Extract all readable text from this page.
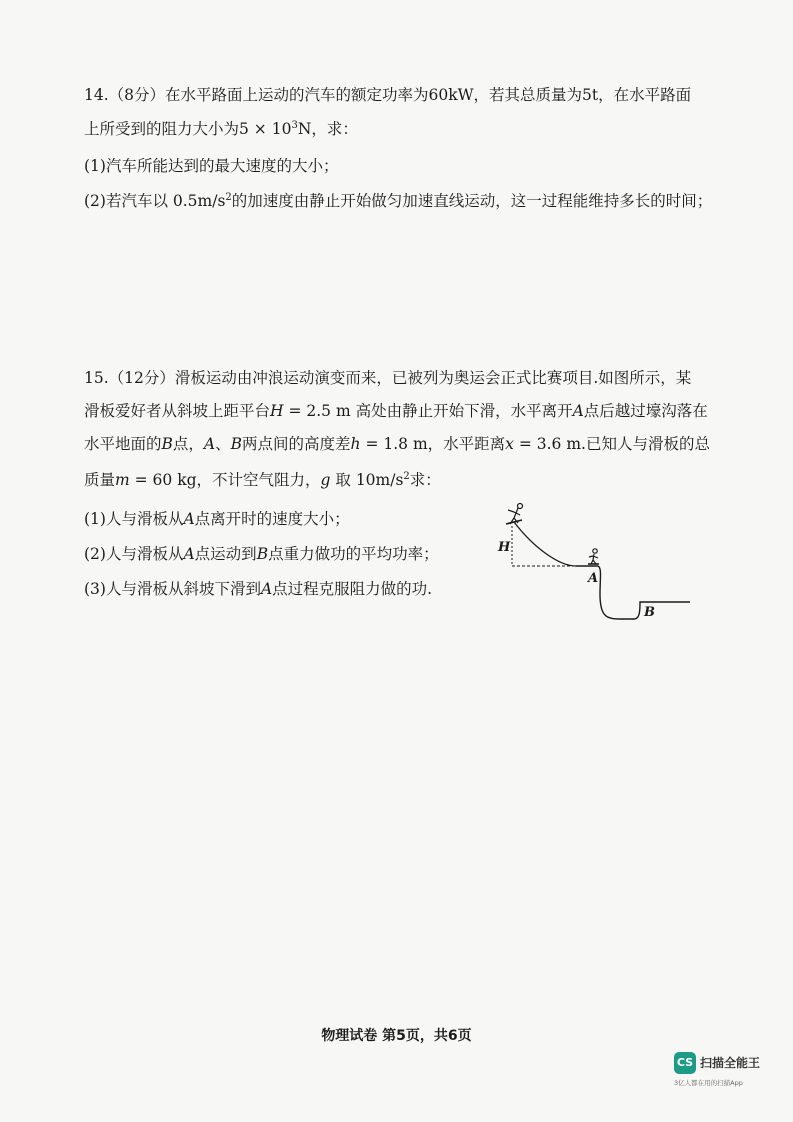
14.（8分）在水平路面上运动的汽车的额定功率为60kW，若其总质量为5t，在水平路面
上所受到的阻力大小为$5 \times 10^3N$，求：
(1)汽车所能达到的最大速度的大小；
(2)若汽车以 $0.5m/s^2$的加速度由静止开始做匀加速直线运动，这一过程能维持多长的时间；
15.（12分）滑板运动由冲浪运动演变而来，已被列为奥运会正式比赛项目.如图所示，某
滑板爱好者从斜坡上距平台H = 2.5 m 高处由静止开始下滑，水平离开A点后越过壕沟落在
水平地面的B点，A、B两点间的高度差h = 1.8 m，水平距离x = 3.6 m.已知人与滑板的总
质量m = 60 kg，不计空气阻力，g 取 $10m/s^2$求：
(1)人与滑板从A点离开时的速度大小；
(2)人与滑板从A点运动到B点重力做功的平均功率；
(3)人与滑板从斜坡下滑到A点过程克服阻力做的功.
H
A
B
物理试卷 第5页，共6页
CS 扫描全能王
3亿人都在用的扫描App
